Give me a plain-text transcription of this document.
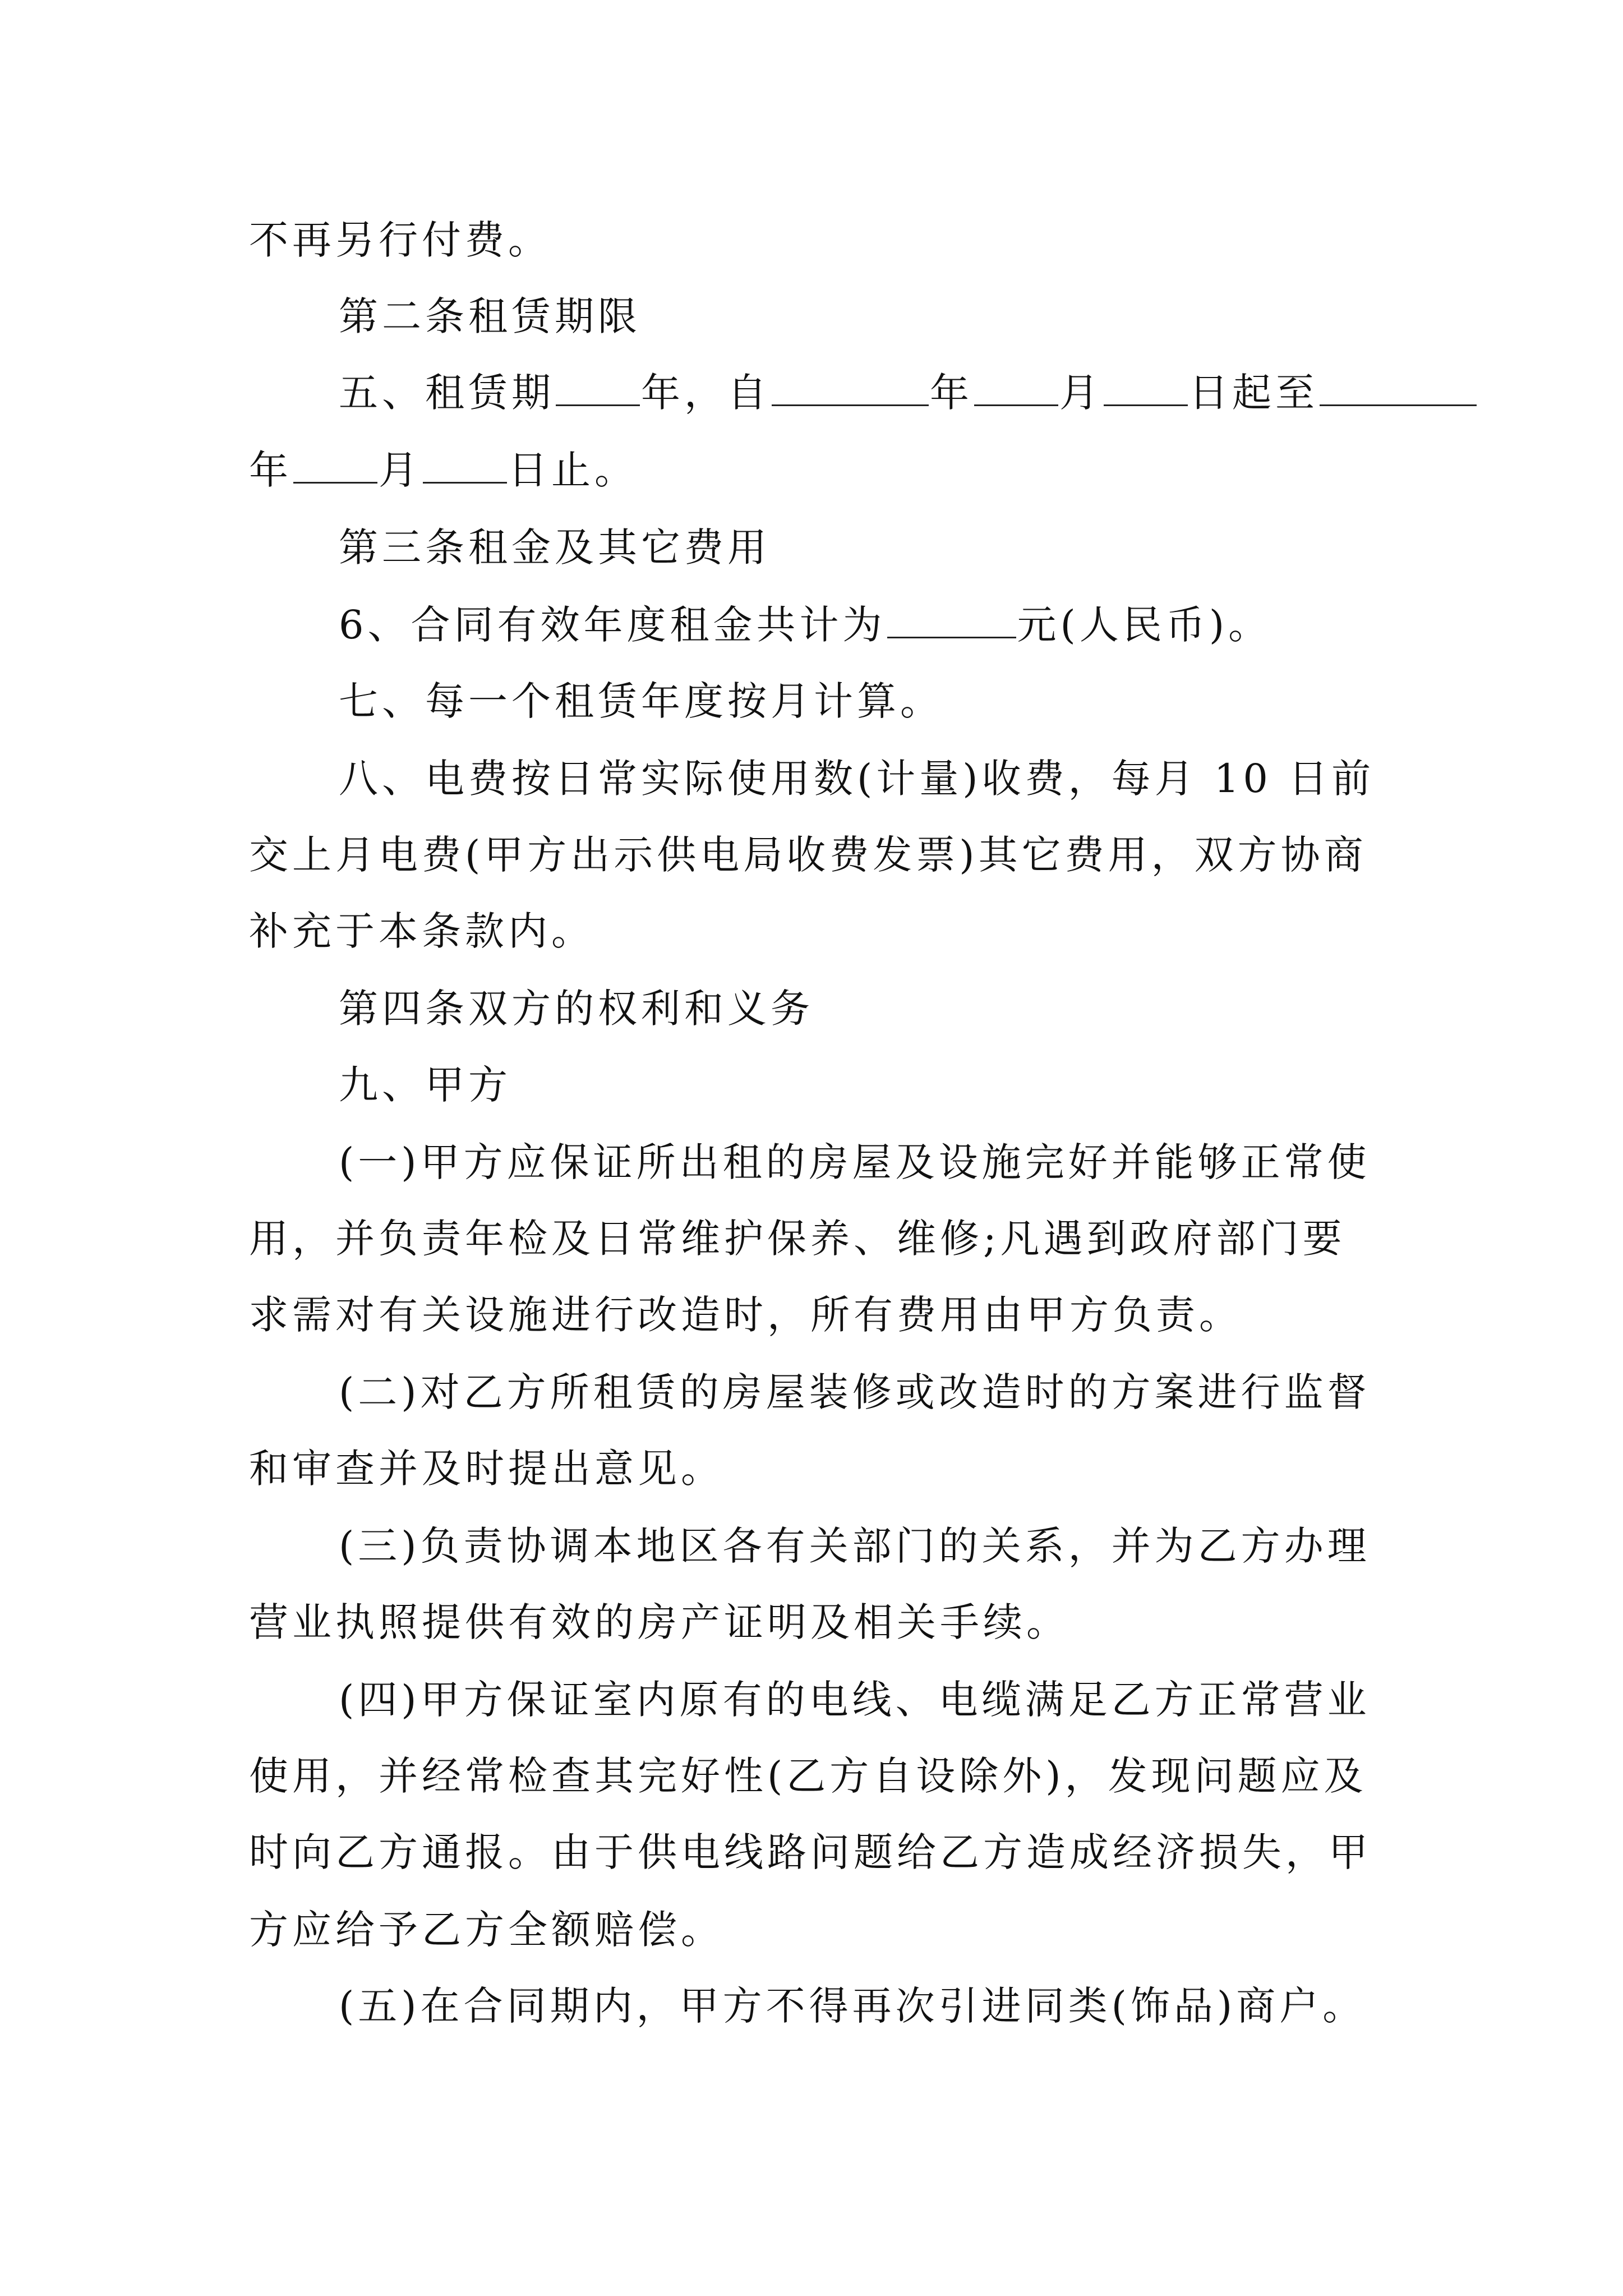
不再另行付费。
第二条租赁期限
五、租赁期 年，自	年 月 日起至
年 月 日止。
第三条租金及其它费用
6、合同有效年度租金共计为	元(人民币)。
七、每一个租赁年度按月计算。
八、电费按日常实际使用数(计量)收费，每月 10 日前
交上月电费(甲方出示供电局收费发票)其它费用，双方协商
补充于本条款内。
第四条双方的权利和义务
九、甲方
(一)甲方应保证所出租的房屋及设施完好并能够正常使
用，并负责年检及日常维护保养、维修;凡遇到政府部门要
求需对有关设施进行改造时，所有费用由甲方负责。
(二)对乙方所租赁的房屋装修或改造时的方案进行监督
和审查并及时提出意见。
(三)负责协调本地区各有关部门的关系，并为乙方办理
营业执照提供有效的房产证明及相关手续。
(四)甲方保证室内原有的电线、电缆满足乙方正常营业
使用，并经常检查其完好性(乙方自设除外)，发现问题应及
时向乙方通报。由于供电线路问题给乙方造成经济损失，甲
方应给予乙方全额赔偿。
(五)在合同期内，甲方不得再次引进同类(饰品)商户。
